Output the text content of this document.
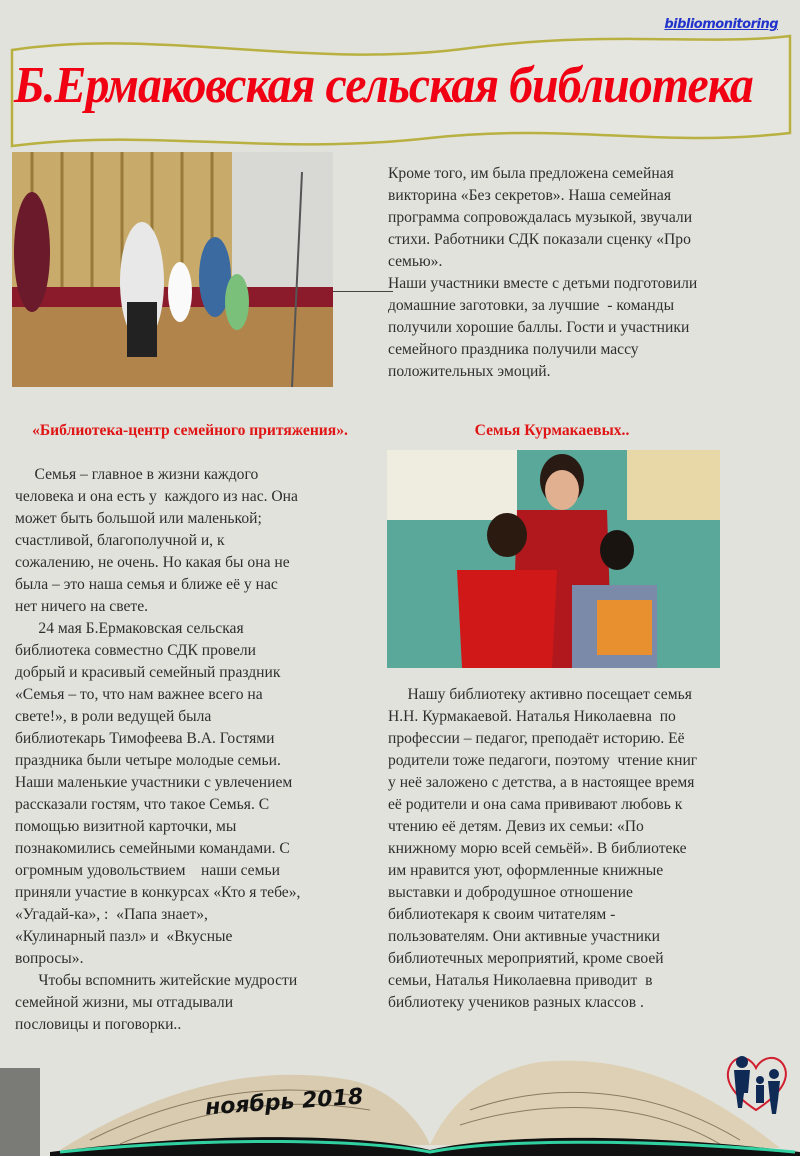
bibliomonitoring
Б.Ермаковская сельская библиотека
Кроме того, им была предложена семейная
викторина «Без секретов». Наша семейная
программа сопровождалась музыкой, звучали
стихи. Работники СДК показали сценку «Про
семью».
Наши участники вместе с детьми подготовили
домашние заготовки, за лучшие  - команды
получили хорошие баллы. Гости и участники
семейного праздника получили массу
положительных эмоций.
«Библиотека-центр семейного притяжения».
Семья – главное в жизни каждого
человека и она есть у  каждого из нас. Она
может быть большой или маленькой;
счастливой, благополучной и, к
сожалению, не очень. Но какая бы она не
была – это наша семья и ближе её у нас
нет ничего на свете.
24 мая Б.Ермаковская сельская
библиотека совместно СДК провели
добрый и красивый семейный праздник
«Семья – то, что нам важнее всего на
свете!», в роли ведущей была
библиотекарь Тимофеева В.А. Гостями
праздника были четыре молодые семьи.
Наши маленькие участники с увлечением
рассказали гостям, что такое Семья. С
помощью визитной карточки, мы
познакомились семейными командами. С
огромным удовольствием    наши семьи
приняли участие в конкурсах «Кто я тебе»,
«Угадай-ка», :  «Папа знает»,
«Кулинарный пазл» и  «Вкусные
вопросы».
Чтобы вспомнить житейские мудрости
семейной жизни, мы отгадывали
пословицы и поговорки..
Семья Курмакаевых..
Нашу библиотеку активно посещает семья
Н.Н. Курмакаевой. Наталья Николаевна  по
профессии – педагог, преподаёт историю. Её
родители тоже педагоги, поэтому  чтение книг
у неё заложено с детства, а в настоящее время
её родители и она сама прививают любовь к
чтению её детям. Девиз их семьи: «По
книжному морю всей семьёй». В библиотеке
им нравится уют, оформленные книжные
выставки и добродушное отношение
библиотекаря к своим читателям -
пользователям. Они активные участники
библиотечных мероприятий, кроме своей
семьи, Наталья Николаевна приводит  в
библиотеку учеников разных классов .
ноябрь 2018
